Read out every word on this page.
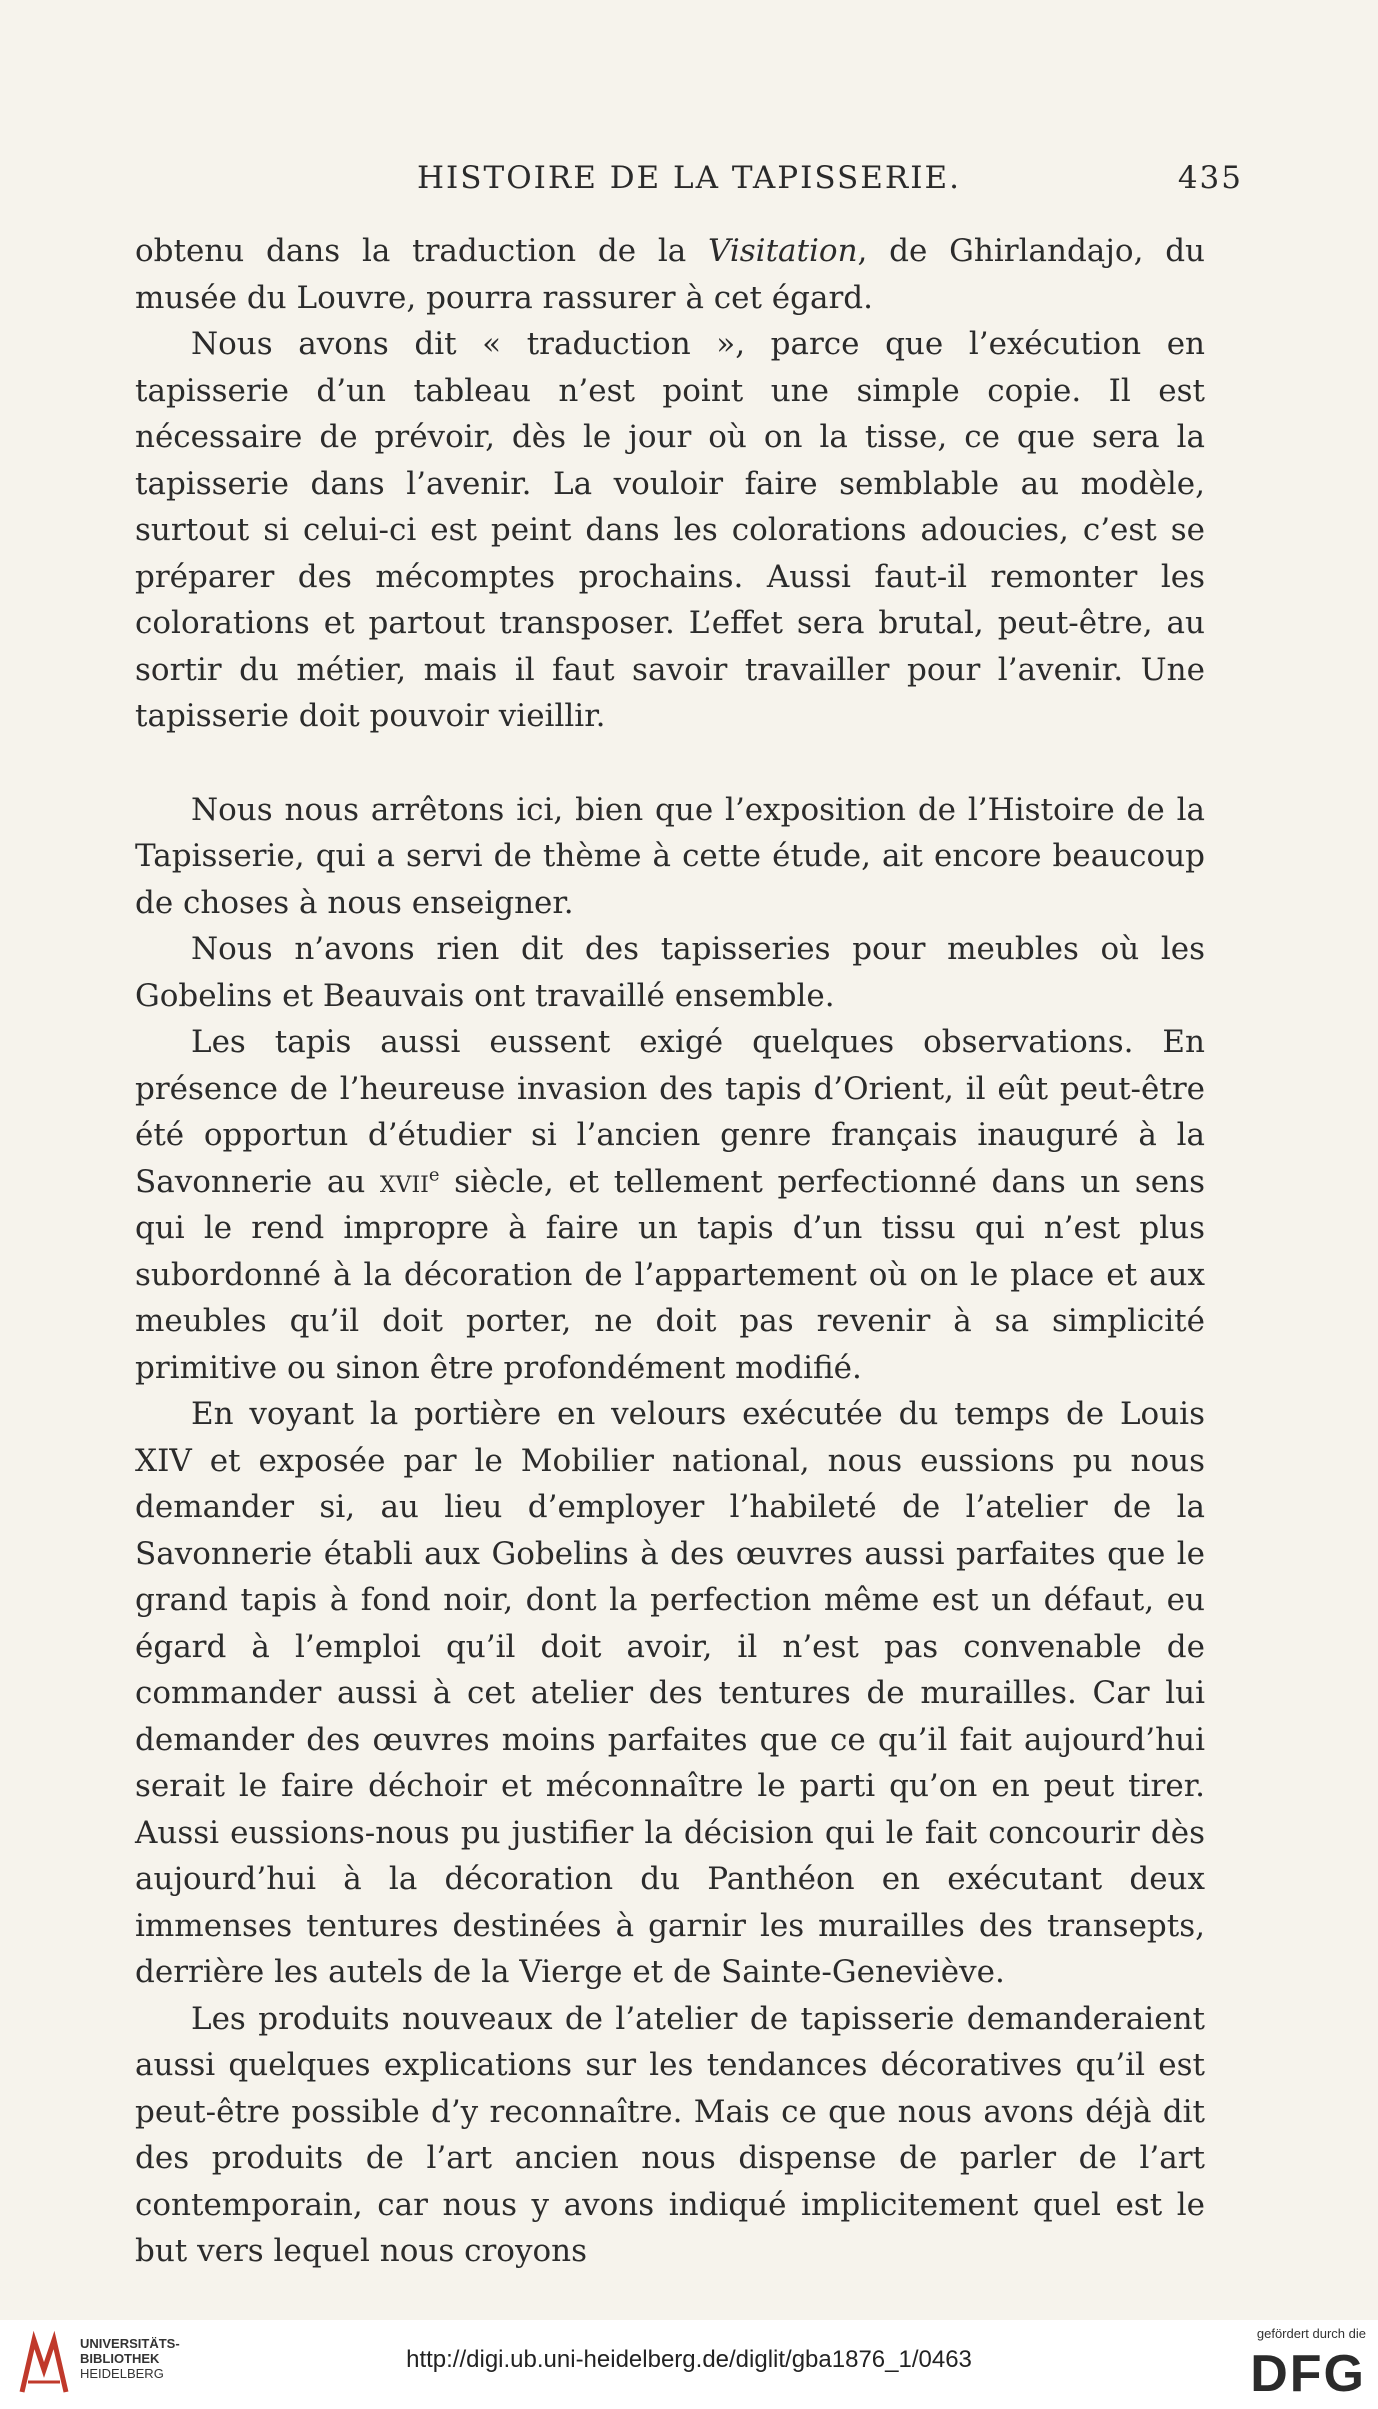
HISTOIRE DE LA TAPISSERIE.	435

obtenu dans la traduction de la Visitation, de Ghirlandajo, du musée du Louvre, pourra rassurer à cet égard.

Nous avons dit « traduction », parce que l’exécution en tapisserie d’un tableau n’est point une simple copie. Il est nécessaire de prévoir, dès le jour où on la tisse, ce que sera la tapisserie dans l’avenir. La vouloir faire semblable au modèle, surtout si celui-ci est peint dans les colorations adoucies, c’est se préparer des mécomptes prochains. Aussi faut-il remonter les colorations et partout transposer. L’effet sera brutal, peut-être, au sortir du métier, mais il faut savoir travailler pour l’avenir. Une tapisserie doit pouvoir vieillir.

Nous nous arrêtons ici, bien que l’exposition de l’Histoire de la Tapisserie, qui a servi de thème à cette étude, ait encore beaucoup de choses à nous enseigner.

Nous n’avons rien dit des tapisseries pour meubles où les Gobelins et Beauvais ont travaillé ensemble.

Les tapis aussi eussent exigé quelques observations. En présence de l’heureuse invasion des tapis d’Orient, il eût peut-être été opportun d’étudier si l’ancien genre français inauguré à la Savonnerie au xvii$^e$ siècle, et tellement perfectionné dans un sens qui le rend impropre à faire un tapis d’un tissu qui n’est plus subordonné à la décoration de l’appartement où on le place et aux meubles qu’il doit porter, ne doit pas revenir à sa simplicité primitive ou sinon être profondément modifié.

En voyant la portière en velours exécutée du temps de Louis XIV et exposée par le Mobilier national, nous eussions pu nous demander si, au lieu d’employer l’habileté de l’atelier de la Savonnerie établi aux Gobelins à des œuvres aussi parfaites que le grand tapis à fond noir, dont la perfection même est un défaut, eu égard à l’emploi qu’il doit avoir, il n’est pas convenable de commander aussi à cet atelier des tentures de murailles. Car lui demander des œuvres moins parfaites que ce qu’il fait aujourd’hui serait le faire déchoir et méconnaître le parti qu’on en peut tirer. Aussi eussions-nous pu justifier la décision qui le fait concourir dès aujourd’hui à la décoration du Panthéon en exécutant deux immenses tentures destinées à garnir les murailles des transepts, derrière les autels de la Vierge et de Sainte-Geneviève.

Les produits nouveaux de l’atelier de tapisserie demanderaient aussi quelques explications sur les tendances décoratives qu’il est peut-être possible d’y reconnaître. Mais ce que nous avons déjà dit des produits de l’art ancien nous dispense de parler de l’art contemporain, car nous y avons indiqué implicitement quel est le but vers lequel nous croyons

UNIVERSITÄTS-
BIBLIOTHEK
HEIDELBERG
http://digi.ub.uni-heidelberg.de/diglit/gba1876_1/0463
gefördert durch die
DFG
